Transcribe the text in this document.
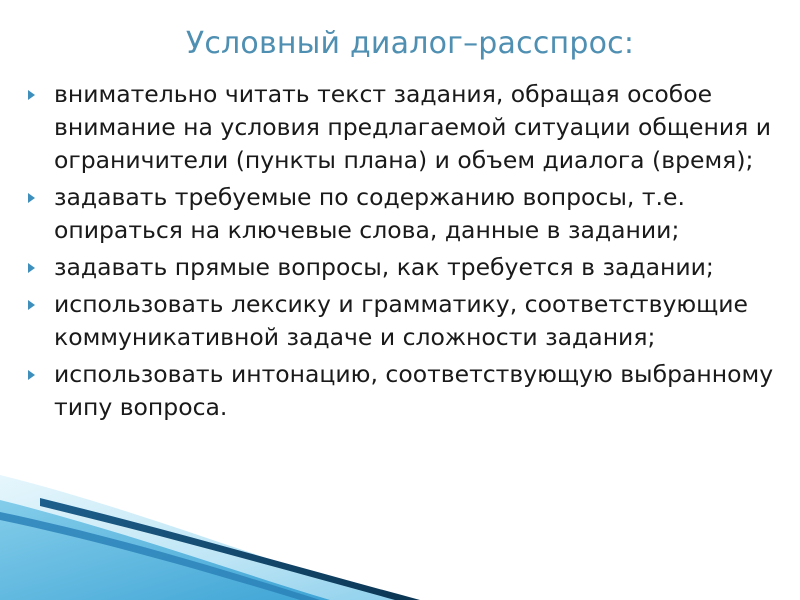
Условный диалог–расспрос:
внимательно читать текст задания, обращая особое внимание на условия предлагаемой ситуации общения и ограничители (пункты плана) и объем диалога (время);
задавать требуемые по содержанию вопросы, т.е. опираться на ключевые слова, данные в задании;
задавать прямые вопросы, как требуется в задании;
использовать лексику и грамматику, соответствующие коммуникативной задаче и сложности задания;
использовать интонацию, соответствующую выбранному типу вопроса.
